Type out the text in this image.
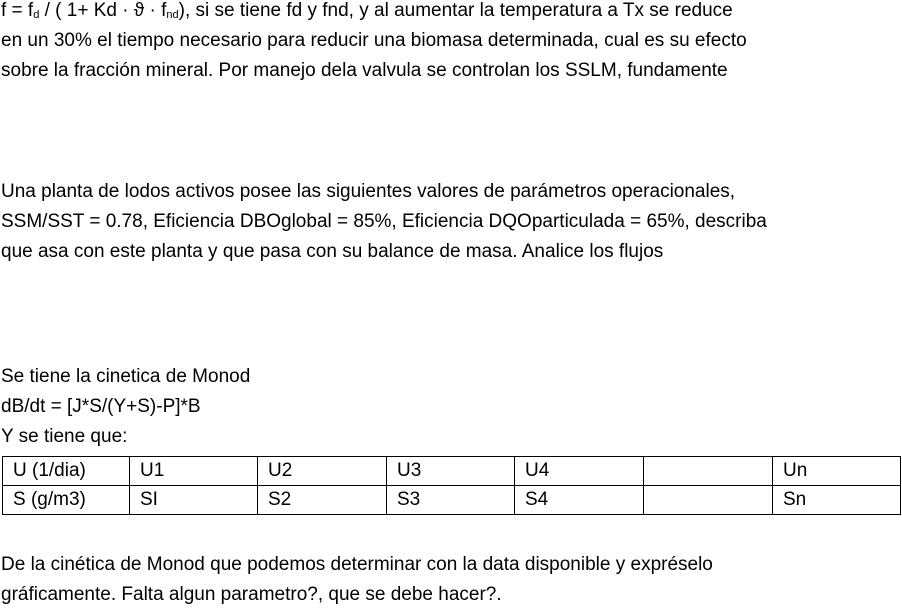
$f = f_d$ / ( $1+ Kd \cdot ϑ \cdot f_{nd}$), si se tiene fd y fnd, y al aumentar la temperatura a Tx se reduce
en un 30% el tiempo necesario para reducir una biomasa determinada, cual es su efecto
sobre la fracción mineral. Por manejo dela valvula se controlan los SSLM, fundamente
Una planta de lodos activos posee las siguientes valores de parámetros operacionales,
SSM/SST = 0.78, Eficiencia DBOglobal = 85%, Eficiencia DQOparticulada = 65%, describa
que asa con este planta y que pasa con su balance de masa. Analice los flujos
Se tiene la cinetica de Monod
dB/dt = [J*S/(Y+S)-P]*B
Y se tiene que:
U (1/dia)	U1	U2	U3	U4		Un
S (g/m3)	SI	S2	S3	S4		Sn
De la cinética de Monod que podemos determinar con la data disponible y expréselo
gráficamente. Falta algun parametro?, que se debe hacer?.
